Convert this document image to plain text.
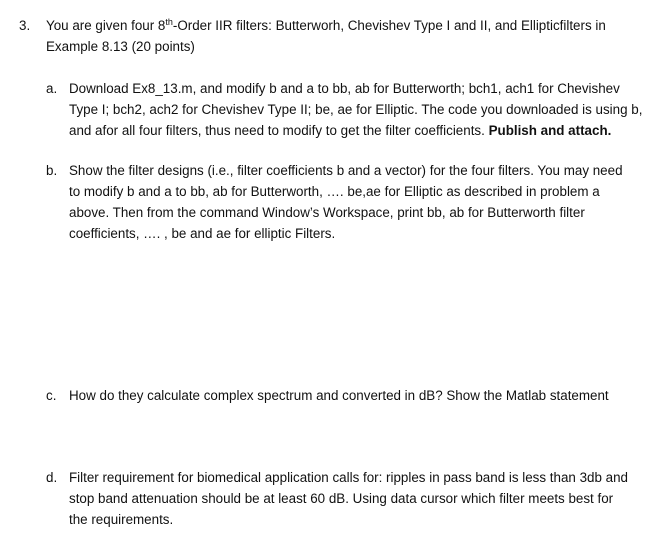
3. You are given four 8th-Order IIR filters: Butterworh, Chevishev Type I and II, and Ellipticfilters in
Example 8.13 (20 points)
a. Download Ex8_13.m, and modify b and a to bb, ab for Butterworth; bch1, ach1 for Chevishev
Type I; bch2, ach2 for Chevishev Type II; be, ae for Elliptic. The code you downloaded is using b,
and afor all four filters, thus need to modify to get the filter coefficients. Publish and attach.
b. Show the filter designs (i.e., filter coefficients b and a vector) for the four filters. You may need
to modify b and a to bb, ab for Butterworth, …. be,ae for Elliptic as described in problem a
above. Then from the command Window’s Workspace, print bb, ab for Butterworth filter
coefficients, …. , be and ae for elliptic Filters.
c. How do they calculate complex spectrum and converted in dB? Show the Matlab statement
d. Filter requirement for biomedical application calls for: ripples in pass band is less than 3db and
stop band attenuation should be at least 60 dB. Using data cursor which filter meets best for
the requirements.
